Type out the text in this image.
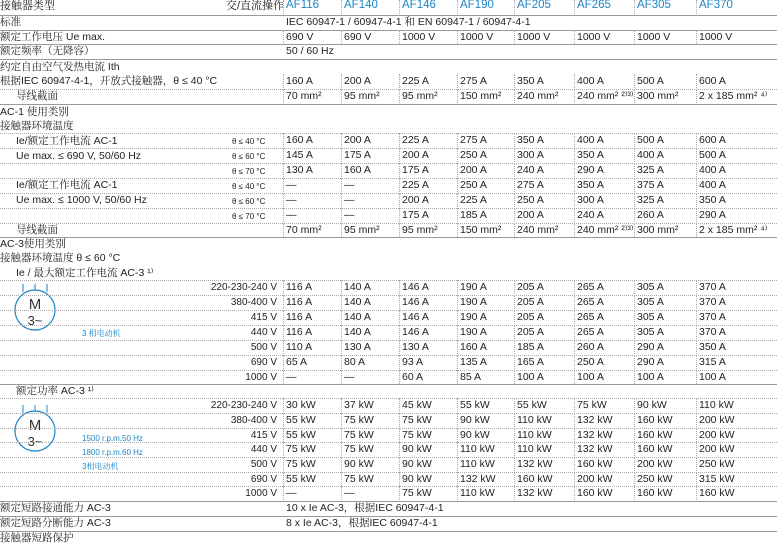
接触器类型	交/直流操作 AF116 AF140 AF146 AF190 AF205 AF265 AF305 AF370
标准	IEC 60947-1 / 60947-4-1 和 EN 60947-1 / 60947-4-1
额定工作电压 Ue max.	690 V	690 V	1000 V 1000 V 1000 V	1000 V	1000 V	1000 V
额定频率（无降容）	50 / 60 Hz
约定自由空气发热电流 Ith
根据IEC 60947-4-1，开放式接触器，θ ≤ 40 °C	160 A	200 A	225 A	275 A	350 A	400 A	500 A	600 A
导线截面	70 mm² 95 mm² 95 mm² 150 mm² 240 mm² 240 mm² ²⁾³⁾ 300 mm² 2 x 185 mm² ⁴⁾
AC-1 使用类别
接触器环境温度
Ie/额定工作电流 AC-1
Ue max. ≤ 690 V, 50/60 Hz
Ie/额定工作电流 AC-1
Ue max. ≤ 1000 V, 50/60 Hz
θ ≤ 40 °C 160 A	200 A	225 A	275 A	350 A	400 A	500 A	600 A
θ ≤ 60 °C 145 A	175 A	200 A	250 A	300 A	350 A	400 A	500 A
θ ≤ 70 °C 130 A	160 A	175 A	200 A	240 A	290 A	325 A	400 A
θ ≤ 40 °C —	—	225 A	250 A	275 A	350 A	375 A	400 A
θ ≤ 60 °C —	—	200 A	225 A	250 A	300 A	325 A	350 A
θ ≤ 70 °C —	—	175 A	185 A	200 A	240 A	260 A	290 A
导线截面	70 mm² 95 mm² 95 mm² 150 mm² 240 mm² 240 mm² ²⁾³⁾ 300 mm² 2 x 185 mm² ⁴⁾
AC-3使用类别
接触器环境温度 θ ≤ 60 °C
Ie / 最大额定工作电流 AC-3 ¹⁾
M
3~
3 相电动机
220-230-240 V 116 A	140 A	146 A	190 A	205 A	265 A	305 A	370 A
380-400 V 116 A	140 A	146 A	190 A	205 A	265 A	305 A	370 A
415 V 116 A	140 A	146 A	190 A	205 A	265 A	305 A	370 A
440 V 116 A	140 A	146 A	190 A	205 A	265 A	305 A	370 A
500 V 110 A	130 A	130 A	160 A	185 A	260 A	290 A	350 A
690 V 65 A	80 A	93 A	135 A	165 A	250 A	290 A	315 A
1000 V —	—	60 A	85 A	100 A	100 A	100 A	100 A
额定功率 AC-3 ¹⁾
M
3~	1500 r.p.m.50 Hz
1800 r.p.m.60 Hz
3相电动机
220-230-240 V 30 kW	37 kW	45 kW	55 kW	55 kW	75 kW	90 kW	110 kW
380-400 V 55 kW	75 kW	75 kW	90 kW	110 kW 132 kW 160 kW	200 kW
415 V 55 kW	75 kW	75 kW	90 kW	110 kW 132 kW 160 kW	200 kW
440 V 75 kW	75 kW	90 kW	110 kW 110 kW 132 kW 160 kW	200 kW
500 V 75 kW	90 kW	90 kW	110 kW 132 kW 160 kW 200 kW	250 kW
690 V 55 kW	75 kW	90 kW	132 kW 160 kW 200 kW 250 kW	315 kW
1000 V —	—	75 kW	110 kW 132 kW 160 kW 160 kW	160 kW
额定短路接通能力 AC-3	10 x Ie AC-3，根据IEC 60947-4-1
额定短路分断能力 AC-3	8 x Ie AC-3，根据IEC 60947-4-1
接触器短路保护
